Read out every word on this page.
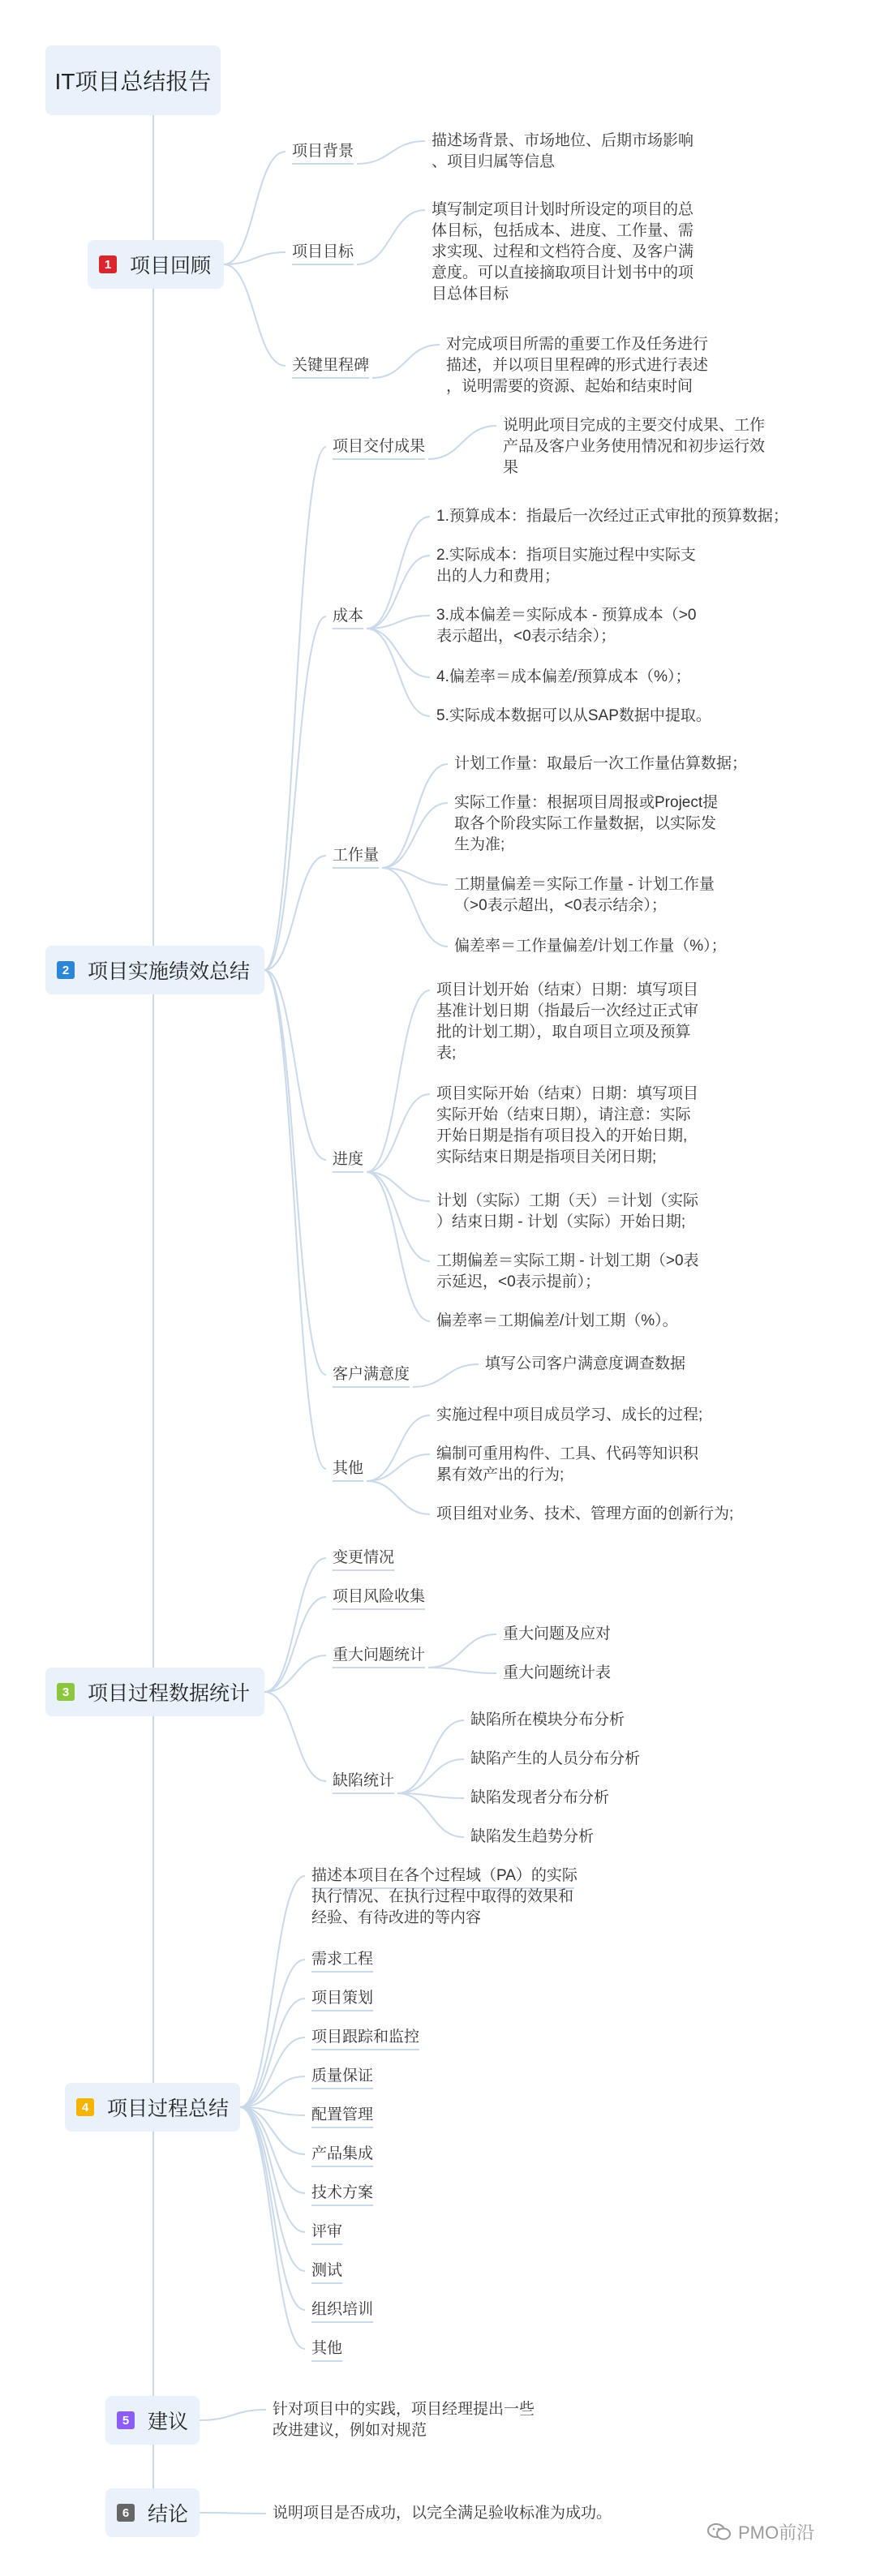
IT项目总结报告
1 项目回顾
项目背景
描述场背景、市场地位、后期市场影响
、项目归属等信息
项目目标
填写制定项目计划时所设定的项目的总
体目标，包括成本、进度、工作量、需
求实现、过程和文档符合度、及客户满
意度。可以直接摘取项目计划书中的项
目总体目标
关键里程碑
对完成项目所需的重要工作及任务进行
描述，并以项目里程碑的形式进行表述
，说明需要的资源、起始和结束时间
2 项目实施绩效总结
项目交付成果
说明此项目完成的主要交付成果、工作
产品及客户业务使用情况和初步运行效
果
成本
1.预算成本：指最后一次经过正式审批的预算数据；
2.实际成本：指项目实施过程中实际支
出的人力和费用；
3.成本偏差＝实际成本 - 预算成本（>0
表示超出，<0表示结余）；
4.偏差率＝成本偏差/预算成本（%）；
5.实际成本数据可以从SAP数据中提取。
工作量
计划工作量：取最后一次工作量估算数据；
实际工作量：根据项目周报或Project提
取各个阶段实际工作量数据，以实际发
生为准;
工期量偏差＝实际工作量 - 计划工作量
（>0表示超出，<0表示结余）；
偏差率＝工作量偏差/计划工作量（%）；
进度
项目计划开始（结束）日期：填写项目
基准计划日期（指最后一次经过正式审
批的计划工期），取自项目立项及预算
表;
项目实际开始（结束）日期：填写项目
实际开始（结束日期），请注意：实际
开始日期是指有项目投入的开始日期,
实际结束日期是指项目关闭日期;
计划（实际）工期（天）＝计划（实际
）结束日期 - 计划（实际）开始日期;
工期偏差＝实际工期 - 计划工期（>0表
示延迟，<0表示提前）；
偏差率＝工期偏差/计划工期（%）。
客户满意度
填写公司客户满意度调查数据
其他
实施过程中项目成员学习、成长的过程;
编制可重用构件、工具、代码等知识积
累有效产出的行为;
项目组对业务、技术、管理方面的创新行为;
3 项目过程数据统计
变更情况
项目风险收集
重大问题统计
重大问题及应对
重大问题统计表
缺陷统计
缺陷所在模块分布分析
缺陷产生的人员分布分析
缺陷发现者分布分析
缺陷发生趋势分析
4 项目过程总结
描述本项目在各个过程域（PA）的实际
执行情况、在执行过程中取得的效果和
经验、有待改进的等内容
需求工程
项目策划
项目跟踪和监控
质量保证
配置管理
产品集成
技术方案
评审
测试
组织培训
其他
5 建议
针对项目中的实践，项目经理提出一些
改进建议，例如对规范
6 结论	说明项目是否成功，以完全满足验收标准为成功。
PMO前沿
